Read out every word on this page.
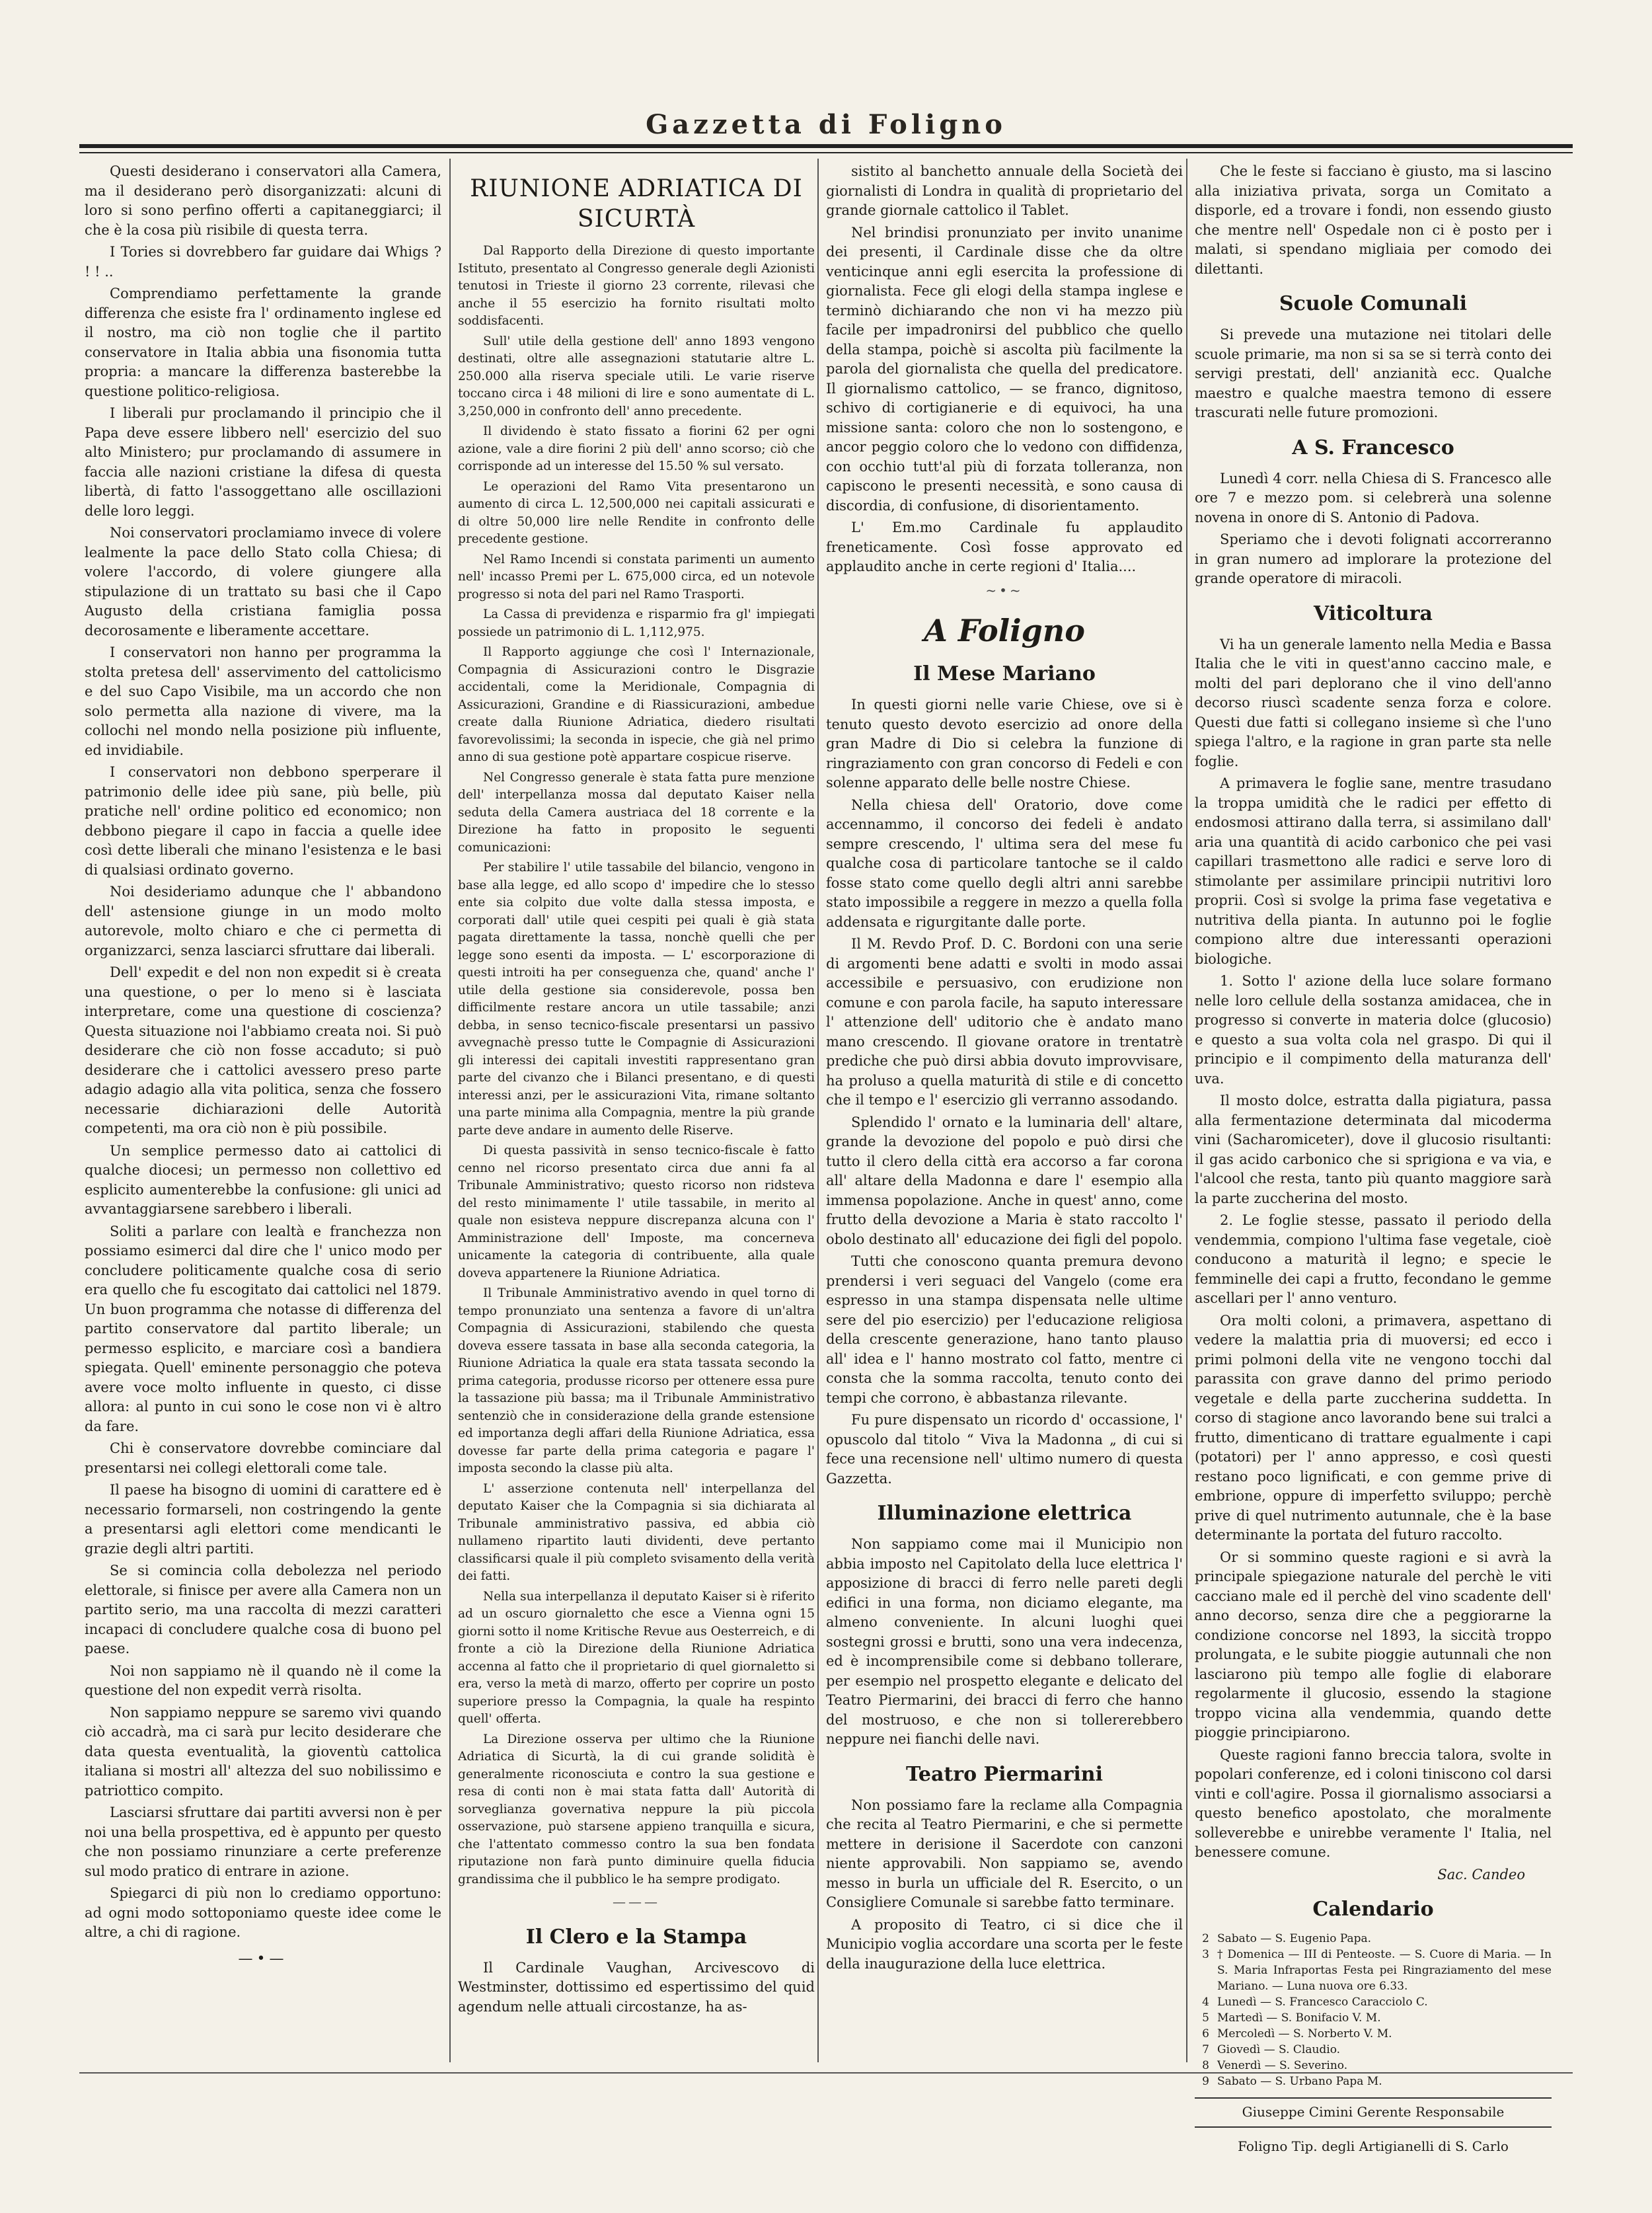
Gazzetta di Foligno

Questi desiderano i conservatori alla Camera, ma il desiderano però disorganizzati: alcuni di loro si sono perfino offerti a capitaneggiarci; il che è la cosa più risibile di questa terra.

I Tories si dovrebbero far guidare dai Whigs ? ! ! ..

Comprendiamo perfettamente la grande differenza che esiste fra l' ordinamento inglese ed il nostro, ma ciò non toglie che il partito conservatore in Italia abbia una fisonomia tutta propria: a mancare la differenza basterebbe la questione politico-religiosa.

I liberali pur proclamando il principio che il Papa deve essere libbero nell' esercizio del suo alto Ministero; pur proclamando di assumere in faccia alle nazioni cristiane la difesa di questa libertà, di fatto l'assoggettano alle oscillazioni delle loro leggi.

Noi conservatori proclamiamo invece di volere lealmente la pace dello Stato colla Chiesa; di volere l'accordo, di volere giungere alla stipulazione di un trattato su basi che il Capo Augusto della cristiana famiglia possa decorosamente e liberamente accettare.

I conservatori non hanno per programma la stolta pretesa dell' asservimento del cattolicismo e del suo Capo Visibile, ma un accordo che non solo permetta alla nazione di vivere, ma la collochi nel mondo nella posizione più influente, ed invidiabile.

I conservatori non debbono sperperare il patrimonio delle idee più sane, più belle, più pratiche nell' ordine politico ed economico; non debbono piegare il capo in faccia a quelle idee così dette liberali che minano l'esistenza e le basi di qualsiasi ordinato governo.

Noi desideriamo adunque che l' abbandono dell' astensione giunge in un modo molto autorevole, molto chiaro e che ci permetta di organizzarci, senza lasciarci sfruttare dai liberali.

Dell' expedit e del non non expedit si è creata una questione, o per lo meno si è lasciata interpretare, come una questione di coscienza? Questa situazione noi l'abbiamo creata noi. Si può desiderare che ciò non fosse accaduto; si può desiderare che i cattolici avessero preso parte adagio adagio alla vita politica, senza che fossero necessarie dichiarazioni delle Autorità competenti, ma ora ciò non è più possibile.

Un semplice permesso dato ai cattolici di qualche diocesi; un permesso non collettivo ed esplicito aumenterebbe la confusione: gli unici ad avvantaggiarsene sarebbero i liberali.

Soliti a parlare con lealtà e franchezza non possiamo esimerci dal dire che l' unico modo per concludere politicamente qualche cosa di serio era quello che fu escogitato dai cattolici nel 1879. Un buon programma che notasse di differenza del partito conservatore dal partito liberale; un permesso esplicito, e marciare così a bandiera spiegata. Quell' eminente personaggio che poteva avere voce molto influente in questo, ci disse allora: al punto in cui sono le cose non vi è altro da fare.

Chi è conservatore dovrebbe cominciare dal presentarsi nei collegi elettorali come tale.

Il paese ha bisogno di uomini di carattere ed è necessario formarseli, non costringendo la gente a presentarsi agli elettori come mendicanti le grazie degli altri partiti.

Se si comincia colla debolezza nel periodo elettorale, si finisce per avere alla Camera non un partito serio, ma una raccolta di mezzi caratteri incapaci di concludere qualche cosa di buono pel paese.

Noi non sappiamo nè il quando nè il come la questione del non expedit verrà risolta.

Non sappiamo neppure se saremo vivi quando ciò accadrà, ma ci sarà pur lecito desiderare che data questa eventualità, la gioventù cattolica italiana si mostri all' altezza del suo nobilissimo e patriottico compito.

Lasciarsi sfruttare dai partiti avversi non è per noi una bella prospettiva, ed è appunto per questo che non possiamo rinunziare a certe preferenze sul modo pratico di entrare in azione.

Spiegarci di più non lo crediamo opportuno: ad ogni modo sottoponiamo queste idee come le altre, a chi di ragione.

—•—
RIUNIONE ADRIATICA DI SICURTÀ

Dal Rapporto della Direzione di questo importante Istituto, presentato al Congresso generale degli Azionisti tenutosi in Trieste il giorno 23 corrente, rilevasi che anche il 55 esercizio ha fornito risultati molto soddisfacenti.

Sull' utile della gestione dell' anno 1893 vengono destinati, oltre alle assegnazioni statutarie altre L. 250.000 alla riserva speciale utili. Le varie riserve toccano circa i 48 milioni di lire e sono aumentate di L. 3,250,000 in confronto dell' anno precedente.

Il dividendo è stato fissato a fiorini 62 per ogni azione, vale a dire fiorini 2 più dell' anno scorso; ciò che corrisponde ad un interesse del 15.50 % sul versato.

Le operazioni del Ramo Vita presentarono un aumento di circa L. 12,500,000 nei capitali assicurati e di oltre 50,000 lire nelle Rendite in confronto delle precedente gestione.

Nel Ramo Incendi si constata parimenti un aumento nell' incasso Premi per L. 675,000 circa, ed un notevole progresso si nota del pari nel Ramo Trasporti.

La Cassa di previdenza e risparmio fra gl' impiegati possiede un patrimonio di L. 1,112,975.

Il Rapporto aggiunge che così l' Internazionale, Compagnia di Assicurazioni contro le Disgrazie accidentali, come la Meridionale, Compagnia di Assicurazioni, Grandine e di Riassicurazioni, ambedue create dalla Riunione Adriatica, diedero risultati favorevolissimi; la seconda in ispecie, che già nel primo anno di sua gestione potè appartare cospicue riserve.

Nel Congresso generale è stata fatta pure menzione dell' interpellanza mossa dal deputato Kaiser nella seduta della Camera austriaca del 18 corrente e la Direzione ha fatto in proposito le seguenti comunicazioni:

Per stabilire l' utile tassabile del bilancio, vengono in base alla legge, ed allo scopo d' impedire che lo stesso ente sia colpito due volte dalla stessa imposta, e corporati dall' utile quei cespiti pei quali è già stata pagata direttamente la tassa, nonchè quelli che per legge sono esenti da imposta. — L' escorporazione di questi introiti ha per conseguenza che, quand' anche l' utile della gestione sia considerevole, possa ben difficilmente restare ancora un utile tassabile; anzi debba, in senso tecnico-fiscale presentarsi un passivo avvegnachè presso tutte le Compagnie di Assicurazioni gli interessi dei capitali investiti rappresentano gran parte del civanzo che i Bilanci presentano, e di questi interessi anzi, per le assicurazioni Vita, rimane soltanto una parte minima alla Compagnia, mentre la più grande parte deve andare in aumento delle Riserve.

Di questa passività in senso tecnico-fiscale è fatto cenno nel ricorso presentato circa due anni fa al Tribunale Amministrativo; questo ricorso non ridsteva del resto minimamente l' utile tassabile, in merito al quale non esisteva neppure discrepanza alcuna con l' Amministrazione dell' Imposte, ma concerneva unicamente la categoria di contribuente, alla quale doveva appartenere la Riunione Adriatica.

Il Tribunale Amministrativo avendo in quel torno di tempo pronunziato una sentenza a favore di un'altra Compagnia di Assicurazioni, stabilendo che questa doveva essere tassata in base alla seconda categoria, la Riunione Adriatica la quale era stata tassata secondo la prima categoria, produsse ricorso per ottenere essa pure la tassazione più bassa; ma il Tribunale Amministrativo sentenziò che in considerazione della grande estensione ed importanza degli affari della Riunione Adriatica, essa dovesse far parte della prima categoria e pagare l' imposta secondo la classe più alta.

L' asserzione contenuta nell' interpellanza del deputato Kaiser che la Compagnia si sia dichiarata al Tribunale amministrativo passiva, ed abbia ciò nullameno ripartito lauti dividenti, deve pertanto classificarsi quale il più completo svisamento della verità dei fatti.

Nella sua interpellanza il deputato Kaiser si è riferito ad un oscuro giornaletto che esce a Vienna ogni 15 giorni sotto il nome Kritische Revue aus Oesterreich, e di fronte a ciò la Direzione della Riunione Adriatica accenna al fatto che il proprietario di quel giornaletto si era, verso la metà di marzo, offerto per coprire un posto superiore presso la Compagnia, la quale ha respinto quell' offerta.

La Direzione osserva per ultimo che la Riunione Adriatica di Sicurtà, la di cui grande solidità è generalmente riconosciuta e contro la sua gestione e resa di conti non è mai stata fatta dall' Autorità di sorveglianza governativa neppure la più piccola osservazione, può starsene appieno tranquilla e sicura, che l'attentato commesso contro la sua ben fondata riputazione non farà punto diminuire quella fiducia grandissima che il pubblico le ha sempre prodigato.

———
Il Clero e la Stampa

Il Cardinale Vaughan, Arcivescovo di Westminster, dottissimo ed espertissimo del quid agendum nelle attuali circostanze, ha as-

sistito al banchetto annuale della Società dei giornalisti di Londra in qualità di proprietario del grande giornale cattolico il Tablet.

Nel brindisi pronunziato per invito unanime dei presenti, il Cardinale disse che da oltre venticinque anni egli esercita la professione di giornalista. Fece gli elogi della stampa inglese e terminò dichiarando che non vi ha mezzo più facile per impadronirsi del pubblico che quello della stampa, poichè si ascolta più facilmente la parola del giornalista che quella del predicatore. Il giornalismo cattolico, — se franco, dignitoso, schivo di cortigianerie e di equivoci, ha una missione santa: coloro che non lo sostengono, e ancor peggio coloro che lo vedono con diffidenza, con occhio tutt'al più di forzata tolleranza, non capiscono le presenti necessità, e sono causa di discordia, di confusione, di disorientamento.

L' Em.mo Cardinale fu applaudito freneticamente. Così fosse approvato ed applaudito anche in certe regioni d' Italia....

~•~
A Foligno
Il Mese Mariano

In questi giorni nelle varie Chiese, ove si è tenuto questo devoto esercizio ad onore della gran Madre di Dio si celebra la funzione di ringraziamento con gran concorso di Fedeli e con solenne apparato delle belle nostre Chiese.

Nella chiesa dell' Oratorio, dove come accennammo, il concorso dei fedeli è andato sempre crescendo, l' ultima sera del mese fu qualche cosa di particolare tantoche se il caldo fosse stato come quello degli altri anni sarebbe stato impossibile a reggere in mezzo a quella folla addensata e rigurgitante dalle porte.

Il M. Revdo Prof. D. C. Bordoni con una serie di argomenti bene adatti e svolti in modo assai accessibile e persuasivo, con erudizione non comune e con parola facile, ha saputo interessare l' attenzione dell' uditorio che è andato mano mano crescendo. Il giovane oratore in trentatrè prediche che può dirsi abbia dovuto improvvisare, ha proluso a quella maturità di stile e di concetto che il tempo e l' esercizio gli verranno assodando.

Splendido l' ornato e la luminaria dell' altare, grande la devozione del popolo e può dirsi che tutto il clero della città era accorso a far corona all' altare della Madonna e dare l' esempio alla immensa popolazione. Anche in quest' anno, come frutto della devozione a Maria è stato raccolto l' obolo destinato all' educazione dei figli del popolo.

Tutti che conoscono quanta premura devono prendersi i veri seguaci del Vangelo (come era espresso in una stampa dispensata nelle ultime sere del pio esercizio) per l'educazione religiosa della crescente generazione, hano tanto plauso all' idea e l' hanno mostrato col fatto, mentre ci consta che la somma raccolta, tenuto conto dei tempi che corrono, è abbastanza rilevante.

Fu pure dispensato un ricordo d' occassione, l' opuscolo dal titolo “ Viva la Madonna „ di cui si fece una recensione nell' ultimo numero di questa Gazzetta.

Illuminazione elettrica

Non sappiamo come mai il Municipio non abbia imposto nel Capitolato della luce elettrica l' apposizione di bracci di ferro nelle pareti degli edifici in una forma, non diciamo elegante, ma almeno conveniente. In alcuni luoghi quei sostegni grossi e brutti, sono una vera indecenza, ed è incomprensibile come si debbano tollerare, per esempio nel prospetto elegante e delicato del Teatro Piermarini, dei bracci di ferro che hanno del mostruoso, e che non si tollererebbero neppure nei fianchi delle navi.

Teatro Piermarini

Non possiamo fare la reclame alla Compagnia che recita al Teatro Piermarini, e che si permette mettere in derisione il Sacerdote con canzoni niente approvabili. Non sappiamo se, avendo messo in burla un ufficiale del R. Esercito, o un Consigliere Comunale si sarebbe fatto terminare.

A proposito di Teatro, ci si dice che il Municipio voglia accordare una scorta per le feste della inaugurazione della luce elettrica.

Che le feste si facciano è giusto, ma si lascino alla iniziativa privata, sorga un Comitato a disporle, ed a trovare i fondi, non essendo giusto che mentre nell' Ospedale non ci è posto per i malati, si spendano migliaia per comodo dei dilettanti.

Scuole Comunali

Si prevede una mutazione nei titolari delle scuole primarie, ma non si sa se si terrà conto dei servigi prestati, dell' anzianità ecc. Qualche maestro e qualche maestra temono di essere trascurati nelle future promozioni.

A S. Francesco

Lunedì 4 corr. nella Chiesa di S. Francesco alle ore 7 e mezzo pom. si celebrerà una solenne novena in onore di S. Antonio di Padova.

Speriamo che i devoti folignati accorreranno in gran numero ad implorare la protezione del grande operatore di miracoli.

Viticoltura

Vi ha un generale lamento nella Media e Bassa Italia che le viti in quest'anno caccino male, e molti del pari deplorano che il vino dell'anno decorso riuscì scadente senza forza e colore. Questi due fatti si collegano insieme sì che l'uno spiega l'altro, e la ragione in gran parte sta nelle foglie.

A primavera le foglie sane, mentre trasudano la troppa umidità che le radici per effetto di endosmosi attirano dalla terra, si assimilano dall' aria una quantità di acido carbonico che pei vasi capillari trasmettono alle radici e serve loro di stimolante per assimilare principii nutritivi loro proprii. Così si svolge la prima fase vegetativa e nutritiva della pianta. In autunno poi le foglie compiono altre due interessanti operazioni biologiche.

1. Sotto l' azione della luce solare formano nelle loro cellule della sostanza amidacea, che in progresso si converte in materia dolce (glucosio) e questo a sua volta cola nel graspo. Di qui il principio e il compimento della maturanza dell' uva.

Il mosto dolce, estratta dalla pigiatura, passa alla fermentazione determinata dal micoderma vini (Sacharomiceter), dove il glucosio risultanti: il gas acido carbonico che si sprigiona e va via, e l'alcool che resta, tanto più quanto maggiore sarà la parte zuccherina del mosto.

2. Le foglie stesse, passato il periodo della vendemmia, compiono l'ultima fase vegetale, cioè conducono a maturità il legno; e specie le femminelle dei capi a frutto, fecondano le gemme ascellari per l' anno venturo.

Ora molti coloni, a primavera, aspettano di vedere la malattia pria di muoversi; ed ecco i primi polmoni della vite ne vengono tocchi dal parassita con grave danno del primo periodo vegetale e della parte zuccherina suddetta. In corso di stagione anco lavorando bene sui tralci a frutto, dimenticano di trattare egualmente i capi (potatori) per l' anno appresso, e così questi restano poco lignificati, e con gemme prive di embrione, oppure di imperfetto sviluppo; perchè prive di quel nutrimento autunnale, che è la base determinante la portata del futuro raccolto.

Or si sommino queste ragioni e si avrà la principale spiegazione naturale del perchè le viti cacciano male ed il perchè del vino scadente dell' anno decorso, senza dire che a peggiorarne la condizione concorse nel 1893, la siccità troppo prolungata, e le subite pioggie autunnali che non lasciarono più tempo alle foglie di elaborare regolarmente il glucosio, essendo la stagione troppo vicina alla vendemmia, quando dette pioggie principiarono.

Queste ragioni fanno breccia talora, svolte in popolari conferenze, ed i coloni tiniscono col darsi vinti e coll'agire. Possa il giornalismo associarsi a questo benefico apostolato, che moralmente solleverebbe e unirebbe veramente l' Italia, nel benessere comune.

Sac. Candeo
Calendario
2 Sabato — S. Eugenio Papa.
3 † Domenica — III di Penteoste. — S. Cuore di Maria. — In S. Maria Infraportas Festa pei Ringraziamento del mese Mariano. — Luna nuova ore 6.33.
4 Lunedì — S. Francesco Caracciolo C.
5 Martedì — S. Bonifacio V. M.
6 Mercoledì — S. Norberto V. M.
7 Giovedì — S. Claudio.
8 Venerdì — S. Severino.
9 Sabato — S. Urbano Papa M.
Giuseppe Cimini Gerente Responsabile
Foligno Tip. degli Artigianelli di S. Carlo
